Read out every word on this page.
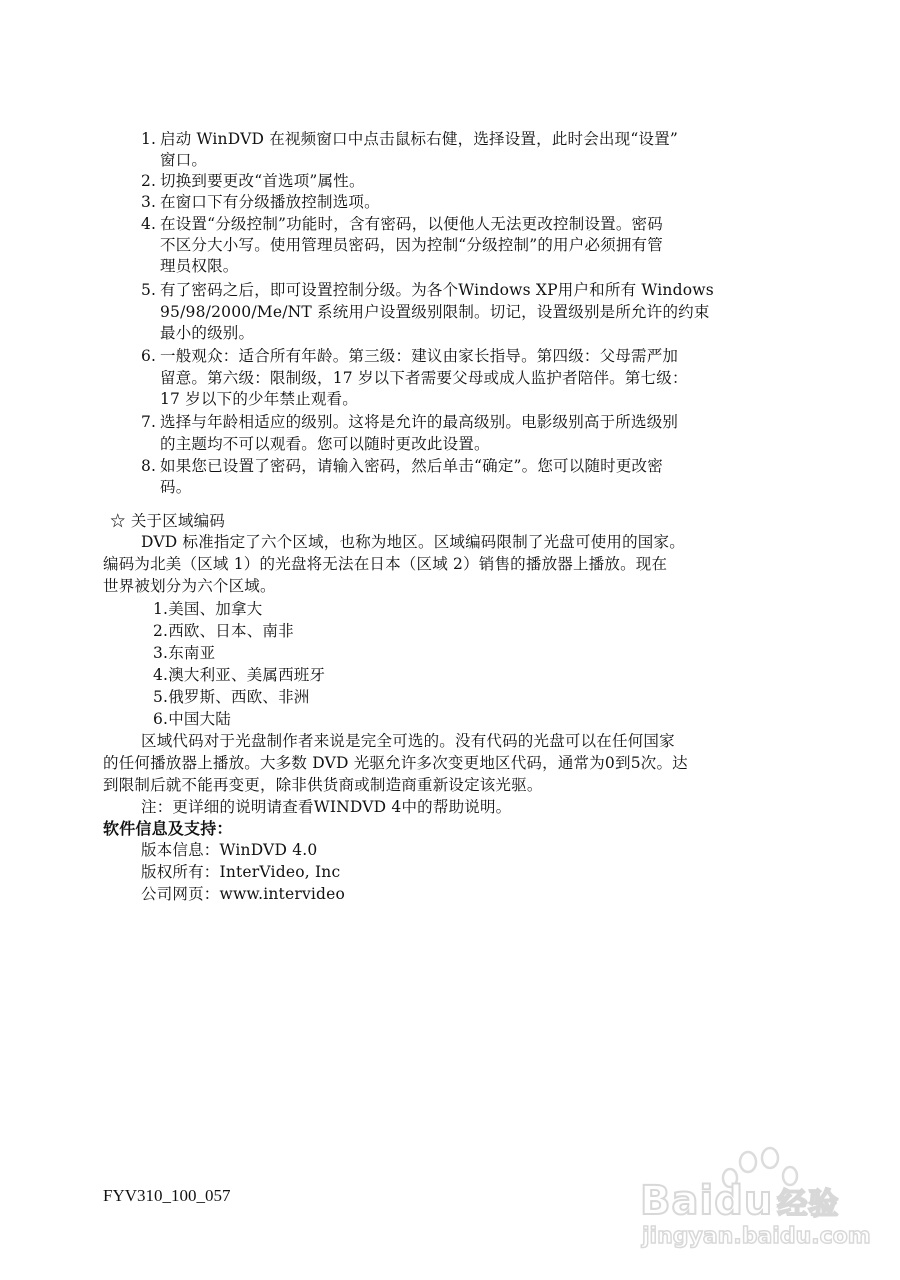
1. 启动 WinDVD 在视频窗口中点击鼠标右健，选择设置，此时会出现“设置”
窗口。
2. 切换到要更改“首选项”属性。
3. 在窗口下有分级播放控制选项。
4. 在设置“分级控制”功能时，含有密码，以便他人无法更改控制设置。密码
不区分大小写。使用管理员密码，因为控制“分级控制”的用户必须拥有管
理员权限。
5. 有了密码之后，即可设置控制分级。为各个Windows XP用户和所有 Windows
95/98/2000/Me/NT 系统用户设置级别限制。切记，设置级别是所允许的约束
最小的级别。
6. 一般观众：适合所有年龄。第三级：建议由家长指导。第四级：父母需严加
留意。第六级：限制级，17 岁以下者需要父母或成人监护者陪伴。第七级：
17 岁以下的少年禁止观看。
7. 选择与年龄相适应的级别。这将是允许的最高级别。电影级别高于所选级别
的主题均不可以观看。您可以随时更改此设置。
8. 如果您已设置了密码，请输入密码，然后单击“确定”。您可以随时更改密
码。
☆ 关于区域编码
DVD 标准指定了六个区域，也称为地区。区域编码限制了光盘可使用的国家。
编码为北美（区域 1）的光盘将无法在日本（区域 2）销售的播放器上播放。现在
世界被划分为六个区域。
1.美国、加拿大
2.西欧、日本、南非
3.东南亚
4.澳大利亚、美属西班牙
5.俄罗斯、西欧、非洲
6.中国大陆
区域代码对于光盘制作者来说是完全可选的。没有代码的光盘可以在任何国家
的任何播放器上播放。大多数 DVD 光驱允许多次变更地区代码，通常为0到5次。达
到限制后就不能再变更，除非供货商或制造商重新设定该光驱。
注：更详细的说明请查看WINDVD 4中的帮助说明。
软件信息及支持：
版本信息：WinDVD 4.0
版权所有：InterVideo, Inc
公司网页：www.intervideo
FYV310_100_057	Baidu 经验
jingyan.baidu.com
